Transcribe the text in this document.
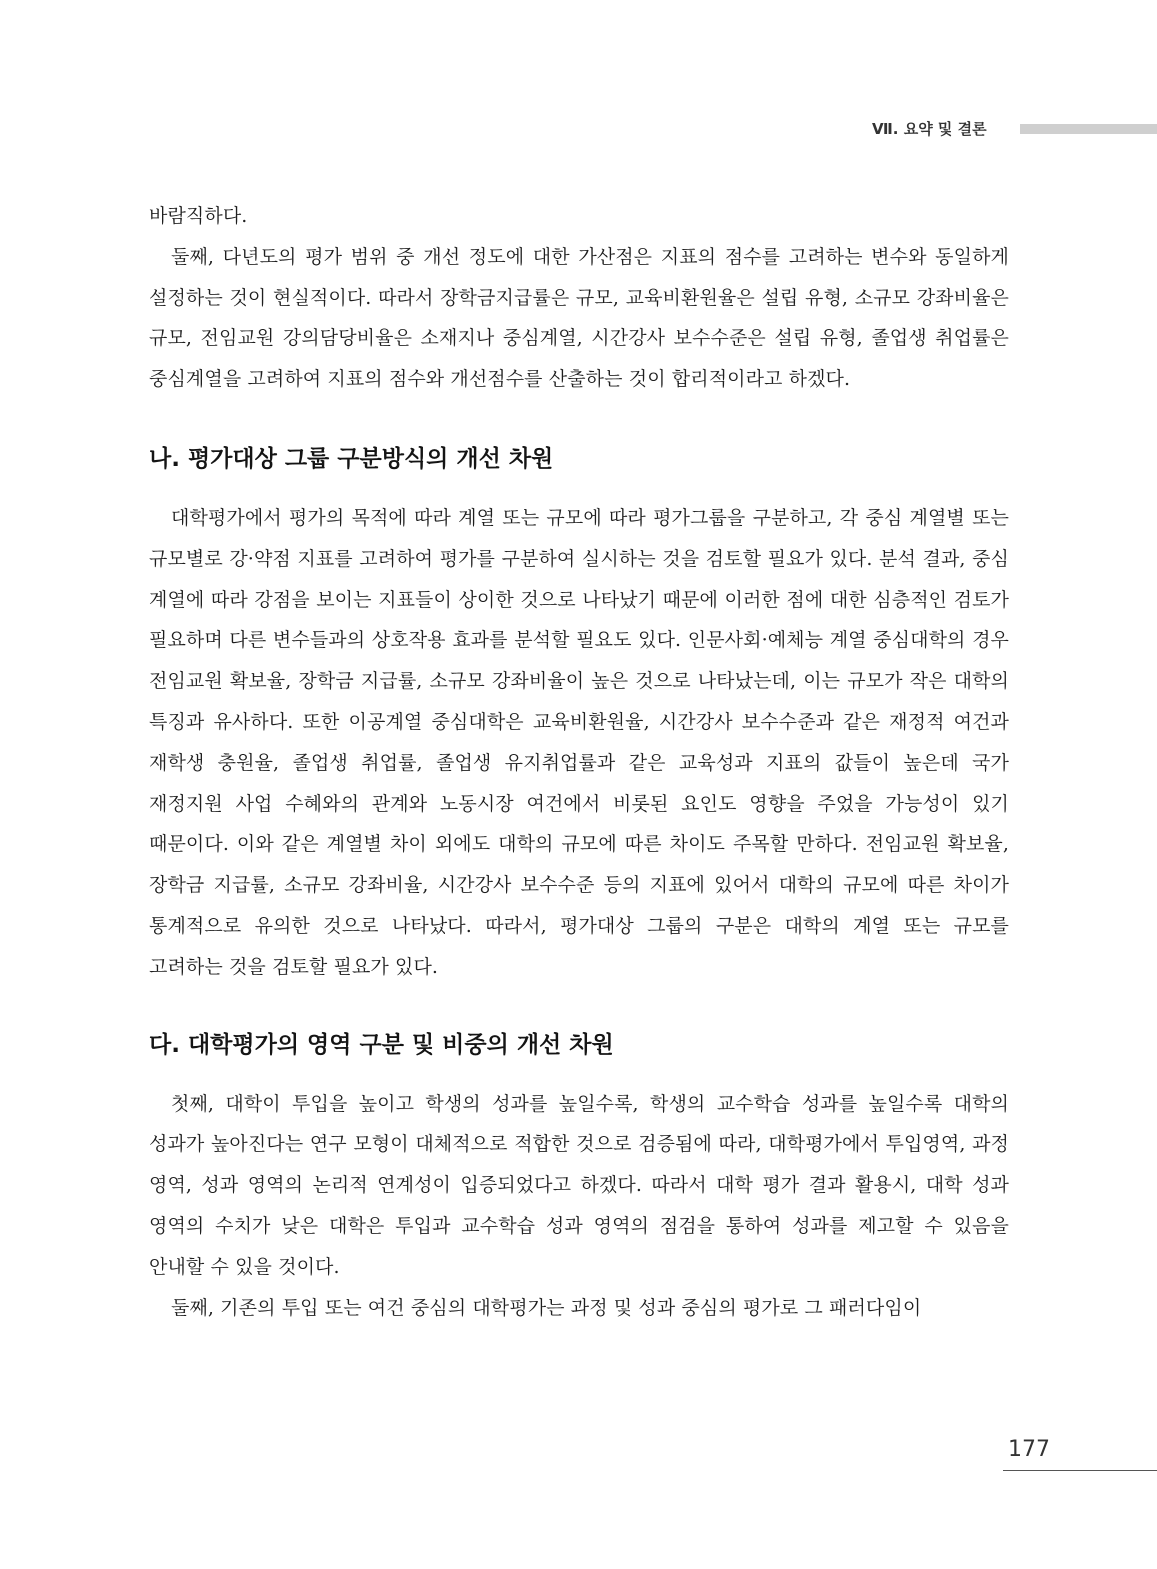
Ⅶ. 요약 및 결론

바람직하다.

둘째, 다년도의 평가 범위 중 개선 정도에 대한 가산점은 지표의 점수를 고려하는 변수와 동일하게 설정하는 것이 현실적이다. 따라서 장학금지급률은 규모, 교육비환원율은 설립 유형, 소규모 강좌비율은 규모, 전임교원 강의담당비율은 소재지나 중심계열, 시간강사 보수수준은 설립 유형, 졸업생 취업률은 중심계열을 고려하여 지표의 점수와 개선점수를 산출하는 것이 합리적이라고 하겠다.

나. 평가대상 그룹 구분방식의 개선 차원

대학평가에서 평가의 목적에 따라 계열 또는 규모에 따라 평가그룹을 구분하고, 각 중심 계열별 또는 규모별로 강·약점 지표를 고려하여 평가를 구분하여 실시하는 것을 검토할 필요가 있다. 분석 결과, 중심 계열에 따라 강점을 보이는 지표들이 상이한 것으로 나타났기 때문에 이러한 점에 대한 심층적인 검토가 필요하며 다른 변수들과의 상호작용 효과를 분석할 필요도 있다. 인문사회·예체능 계열 중심대학의 경우 전임교원 확보율, 장학금 지급률, 소규모 강좌비율이 높은 것으로 나타났는데, 이는 규모가 작은 대학의 특징과 유사하다. 또한 이공계열 중심대학은 교육비환원율, 시간강사 보수수준과 같은 재정적 여건과 재학생 충원율, 졸업생 취업률, 졸업생 유지취업률과 같은 교육성과 지표의 값들이 높은데 국가 재정지원 사업 수혜와의 관계와 노동시장 여건에서 비롯된 요인도 영향을 주었을 가능성이 있기 때문이다. 이와 같은 계열별 차이 외에도 대학의 규모에 따른 차이도 주목할 만하다. 전임교원 확보율, 장학금 지급률, 소규모 강좌비율, 시간강사 보수수준 등의 지표에 있어서 대학의 규모에 따른 차이가 통계적으로 유의한 것으로 나타났다. 따라서, 평가대상 그룹의 구분은 대학의 계열 또는 규모를 고려하는 것을 검토할 필요가 있다.

다. 대학평가의 영역 구분 및 비중의 개선 차원

첫째, 대학이 투입을 높이고 학생의 성과를 높일수록, 학생의 교수학습 성과를 높일수록 대학의 성과가 높아진다는 연구 모형이 대체적으로 적합한 것으로 검증됨에 따라, 대학평가에서 투입영역, 과정 영역, 성과 영역의 논리적 연계성이 입증되었다고 하겠다. 따라서 대학 평가 결과 활용시, 대학 성과 영역의 수치가 낮은 대학은 투입과 교수학습 성과 영역의 점검을 통하여 성과를 제고할 수 있음을 안내할 수 있을 것이다.

둘째, 기존의 투입 또는 여건 중심의 대학평가는 과정 및 성과 중심의 평가로 그 패러다임이

177
